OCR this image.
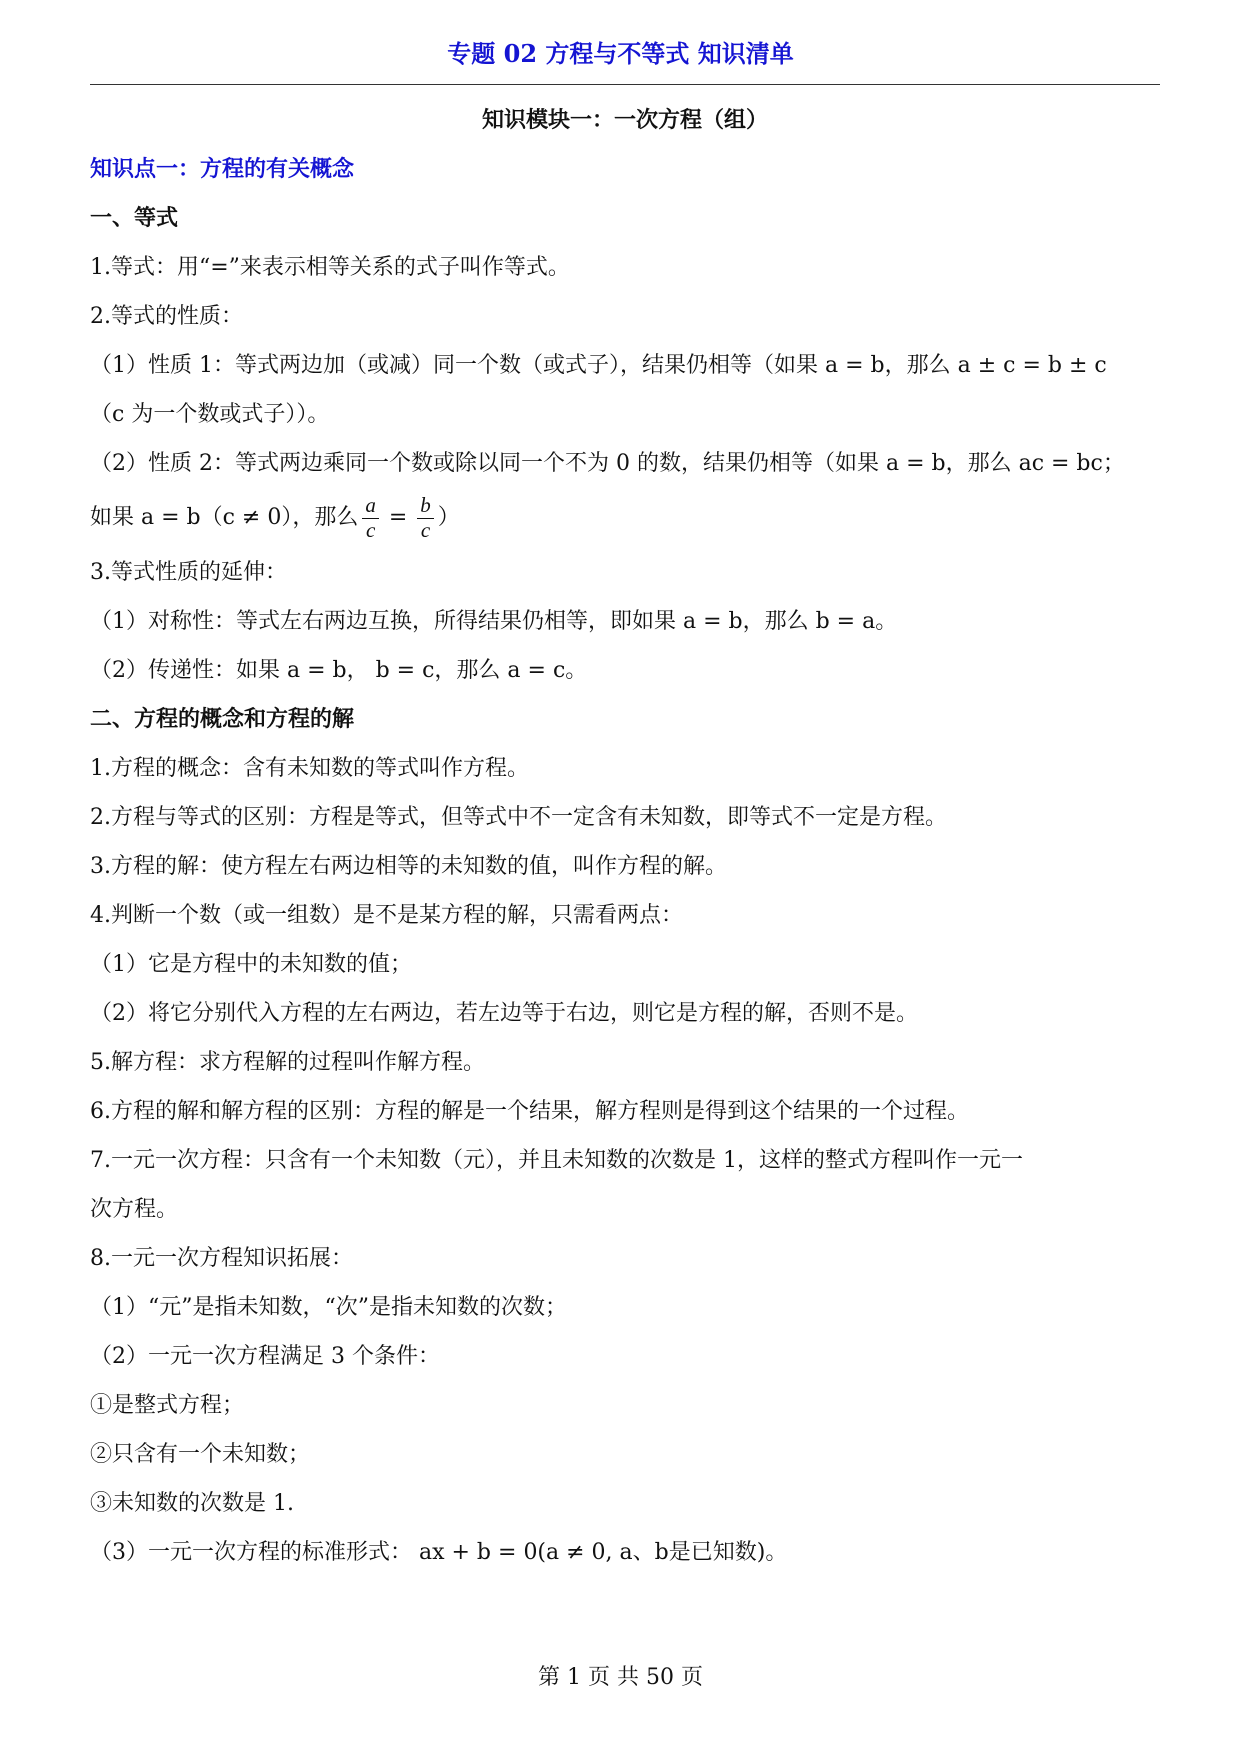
专题 02 方程与不等式 知识清单
知识模块一：一次方程（组）
知识点一：方程的有关概念
一、等式
1.等式：用“=”来表示相等关系的式子叫作等式。
2.等式的性质：
（1）性质 1：等式两边加（或减）同一个数（或式子），结果仍相等（如果 a = b，那么 a ± c = b ± c
（c 为一个数或式子））。
（2）性质 2：等式两边乘同一个数或除以同一个不为 0 的数，结果仍相等（如果 a = b，那么 ac = bc；
如果 a = b（c ≠ 0），那么 $\frac{a}{c} = \frac{b}{c}$ ）
3.等式性质的延伸：
（1）对称性：等式左右两边互换，所得结果仍相等，即如果 a = b，那么 b = a。
（2）传递性：如果 a = b， b = c，那么 a = c。
二、方程的概念和方程的解
1.方程的概念：含有未知数的等式叫作方程。
2.方程与等式的区别：方程是等式，但等式中不一定含有未知数，即等式不一定是方程。
3.方程的解：使方程左右两边相等的未知数的值，叫作方程的解。
4.判断一个数（或一组数）是不是某方程的解，只需看两点：
（1）它是方程中的未知数的值；
（2）将它分别代入方程的左右两边，若左边等于右边，则它是方程的解，否则不是。
5.解方程：求方程解的过程叫作解方程。
6.方程的解和解方程的区别：方程的解是一个结果，解方程则是得到这个结果的一个过程。
7.一元一次方程：只含有一个未知数（元），并且未知数的次数是 1，这样的整式方程叫作一元一
次方程。
8.一元一次方程知识拓展：
（1）“元”是指未知数，“次”是指未知数的次数；
（2）一元一次方程满足 3 个条件：
①是整式方程；
②只含有一个未知数；
③未知数的次数是 1.
（3）一元一次方程的标准形式： ax + b = 0(a ≠ 0, a、b是已知数)。
第 1 页 共 50 页
